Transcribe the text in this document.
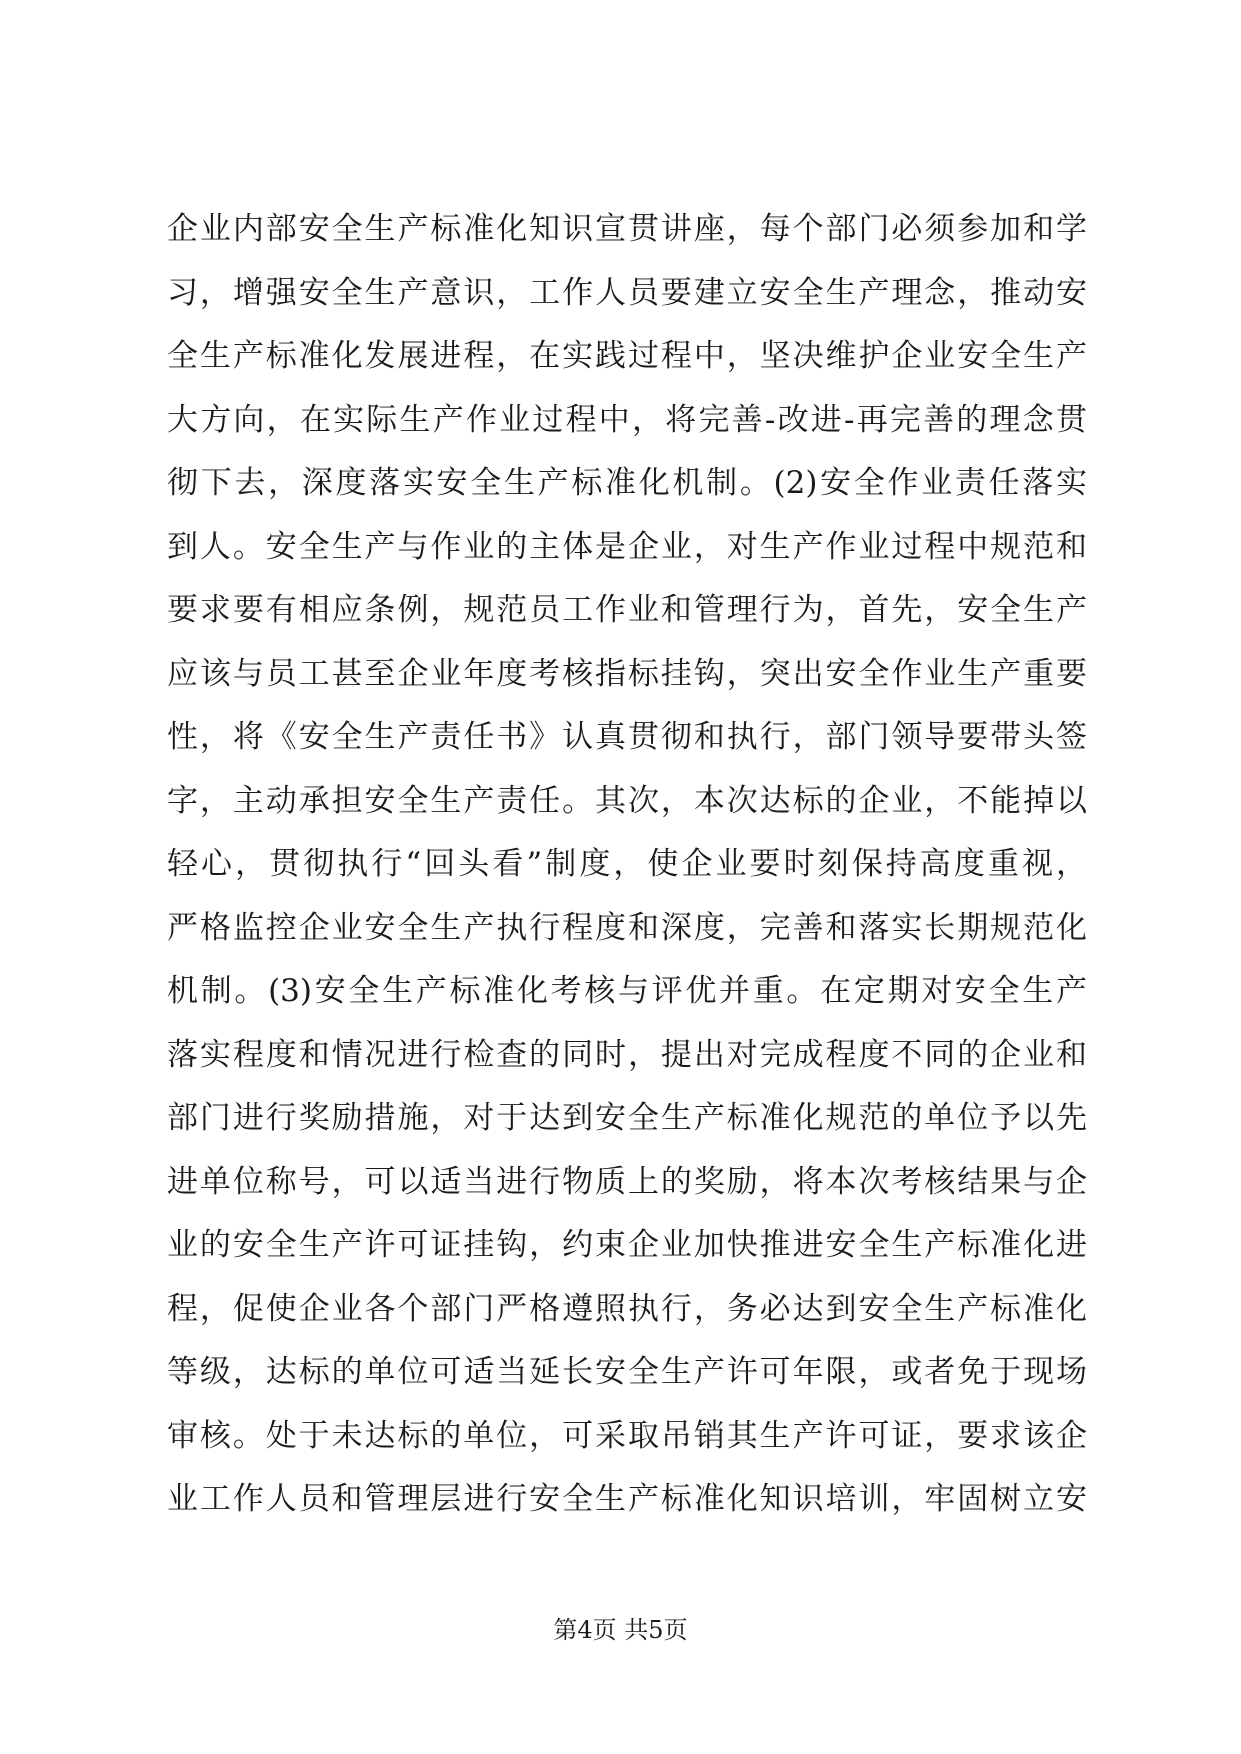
企业内部安全生产标准化知识宣贯讲座，每个部门必须参加和学
习，增强安全生产意识，工作人员要建立安全生产理念，推动安
全生产标准化发展进程，在实践过程中，坚决维护企业安全生产
大方向，在实际生产作业过程中，将完善-改进-再完善的理念贯
彻下去，深度落实安全生产标准化机制。(2)安全作业责任落实
到人。安全生产与作业的主体是企业，对生产作业过程中规范和
要求要有相应条例，规范员工作业和管理行为，首先，安全生产
应该与员工甚至企业年度考核指标挂钩，突出安全作业生产重要
性，将《安全生产责任书》认真贯彻和执行，部门领导要带头签
字，主动承担安全生产责任。其次，本次达标的企业，不能掉以
轻心，贯彻执行“回头看”制度，使企业要时刻保持高度重视，
严格监控企业安全生产执行程度和深度，完善和落实长期规范化
机制。(3)安全生产标准化考核与评优并重。在定期对安全生产
落实程度和情况进行检查的同时，提出对完成程度不同的企业和
部门进行奖励措施，对于达到安全生产标准化规范的单位予以先
进单位称号，可以适当进行物质上的奖励，将本次考核结果与企
业的安全生产许可证挂钩，约束企业加快推进安全生产标准化进
程，促使企业各个部门严格遵照执行，务必达到安全生产标准化
等级，达标的单位可适当延长安全生产许可年限，或者免于现场
审核。处于未达标的单位，可采取吊销其生产许可证，要求该企
业工作人员和管理层进行安全生产标准化知识培训，牢固树立安
第4页 共5页
